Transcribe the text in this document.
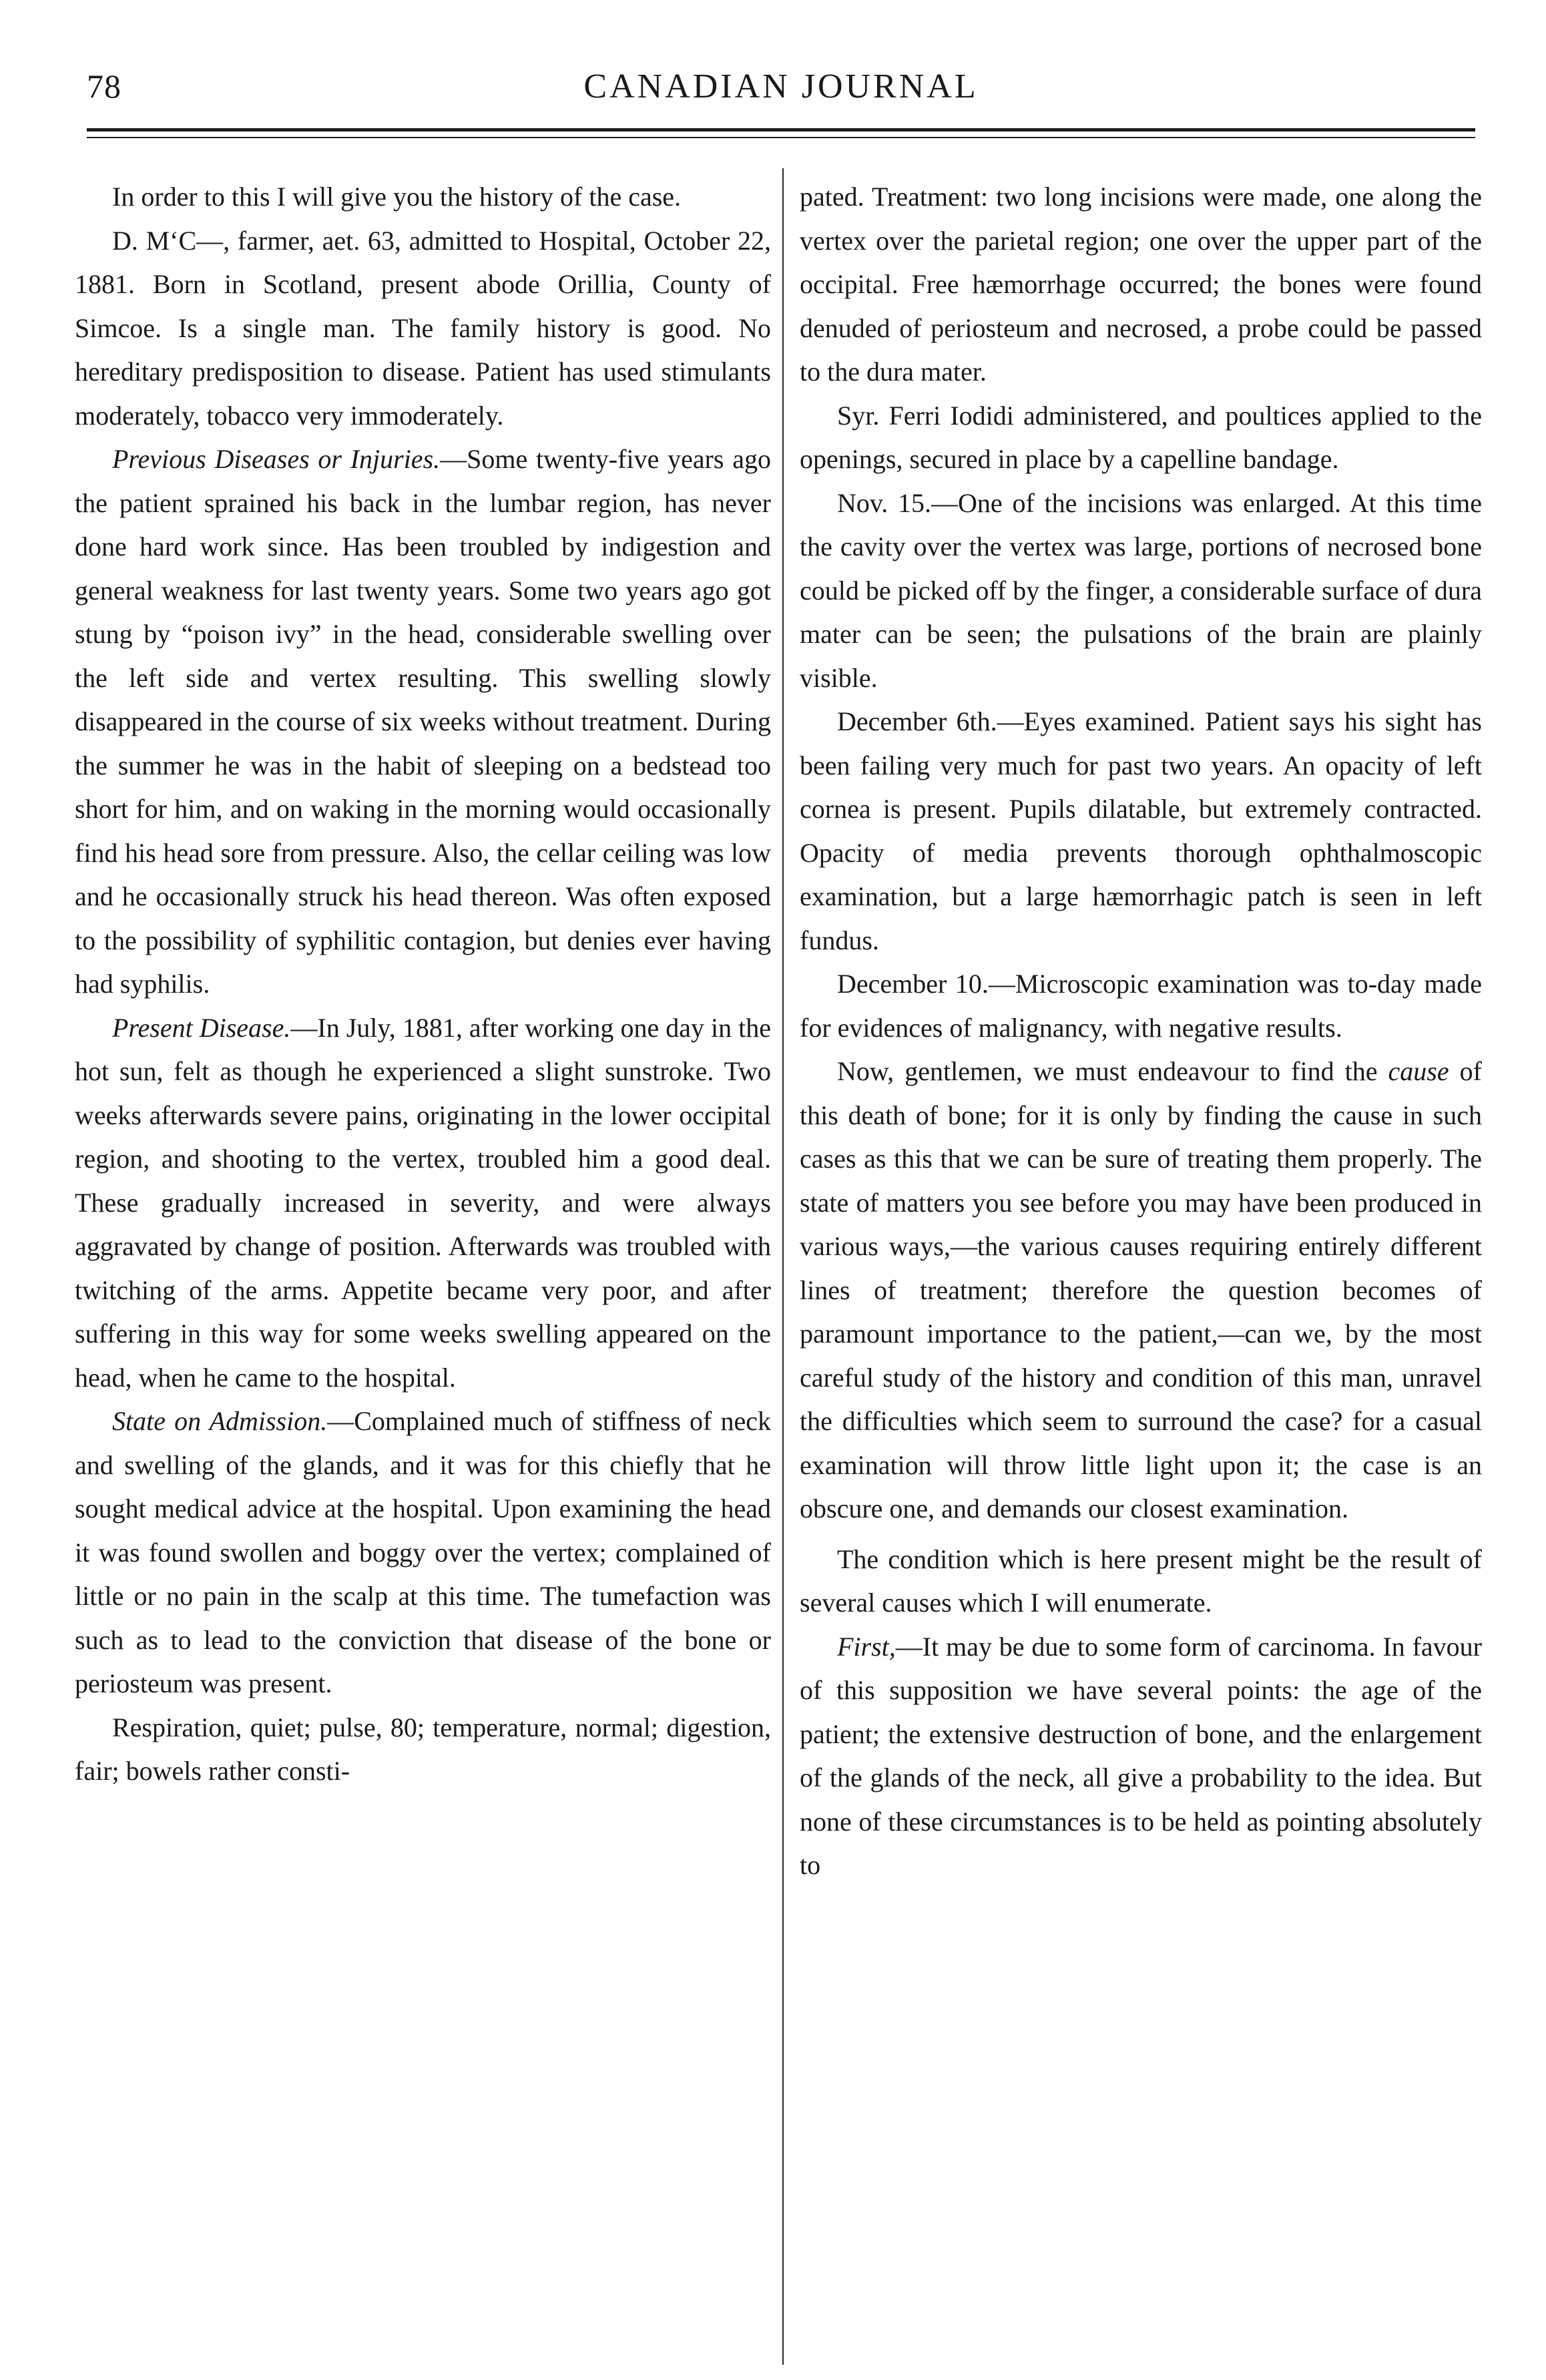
78	CANADIAN JOURNAL

In order to this I will give you the history of the case.

D. M‘C—, farmer, aet. 63, admitted to Hospital, October 22, 1881. Born in Scotland, present abode Orillia, County of Simcoe. Is a single man. The family history is good. No hereditary predisposition to disease. Patient has used stimulants moderately, tobacco very immoderately.

Previous Diseases or Injuries.—Some twenty-five years ago the patient sprained his back in the lumbar region, has never done hard work since. Has been troubled by indigestion and general weakness for last twenty years. Some two years ago got stung by “poison ivy” in the head, considerable swelling over the left side and vertex resulting. This swelling slowly disappeared in the course of six weeks without treatment. During the summer he was in the habit of sleeping on a bedstead too short for him, and on waking in the morning would occasionally find his head sore from pressure. Also, the cellar ceiling was low and he occasionally struck his head thereon. Was often exposed to the possibility of syphilitic contagion, but denies ever having had syphilis.

Present Disease.—In July, 1881, after working one day in the hot sun, felt as though he experienced a slight sunstroke. Two weeks afterwards severe pains, originating in the lower occipital region, and shooting to the vertex, troubled him a good deal. These gradually increased in severity, and were always aggravated by change of position. Afterwards was troubled with twitching of the arms. Appetite became very poor, and after suffering in this way for some weeks swelling appeared on the head, when he came to the hospital.

State on Admission.—Complained much of stiffness of neck and swelling of the glands, and it was for this chiefly that he sought medical advice at the hospital. Upon examining the head it was found swollen and boggy over the vertex; complained of little or no pain in the scalp at this time. The tumefaction was such as to lead to the conviction that disease of the bone or periosteum was present.

Respiration, quiet; pulse, 80; temperature, normal; digestion, fair; bowels rather consti-

pated. Treatment: two long incisions were made, one along the vertex over the parietal region; one over the upper part of the occipital. Free hæmorrhage occurred; the bones were found denuded of periosteum and necrosed, a probe could be passed to the dura mater.

Syr. Ferri Iodidi administered, and poultices applied to the openings, secured in place by a capelline bandage.

Nov. 15.—One of the incisions was enlarged. At this time the cavity over the vertex was large, portions of necrosed bone could be picked off by the finger, a considerable surface of dura mater can be seen; the pulsations of the brain are plainly visible.

December 6th.—Eyes examined. Patient says his sight has been failing very much for past two years. An opacity of left cornea is present. Pupils dilatable, but extremely contracted. Opacity of media prevents thorough ophthalmoscopic examination, but a large hæmorrhagic patch is seen in left fundus.

December 10.—Microscopic examination was to-day made for evidences of malignancy, with negative results.

Now, gentlemen, we must endeavour to find the cause of this death of bone; for it is only by finding the cause in such cases as this that we can be sure of treating them properly. The state of matters you see before you may have been produced in various ways,—the various causes requiring entirely different lines of treatment; therefore the question becomes of paramount importance to the patient,—can we, by the most careful study of the history and condition of this man, unravel the difficulties which seem to surround the case? for a casual examination will throw little light upon it; the case is an obscure one, and demands our closest examination.

The condition which is here present might be the result of several causes which I will enumerate.

First,—It may be due to some form of carcinoma. In favour of this supposition we have several points: the age of the patient; the extensive destruction of bone, and the enlargement of the glands of the neck, all give a probability to the idea. But none of these circumstances is to be held as pointing absolutely to
